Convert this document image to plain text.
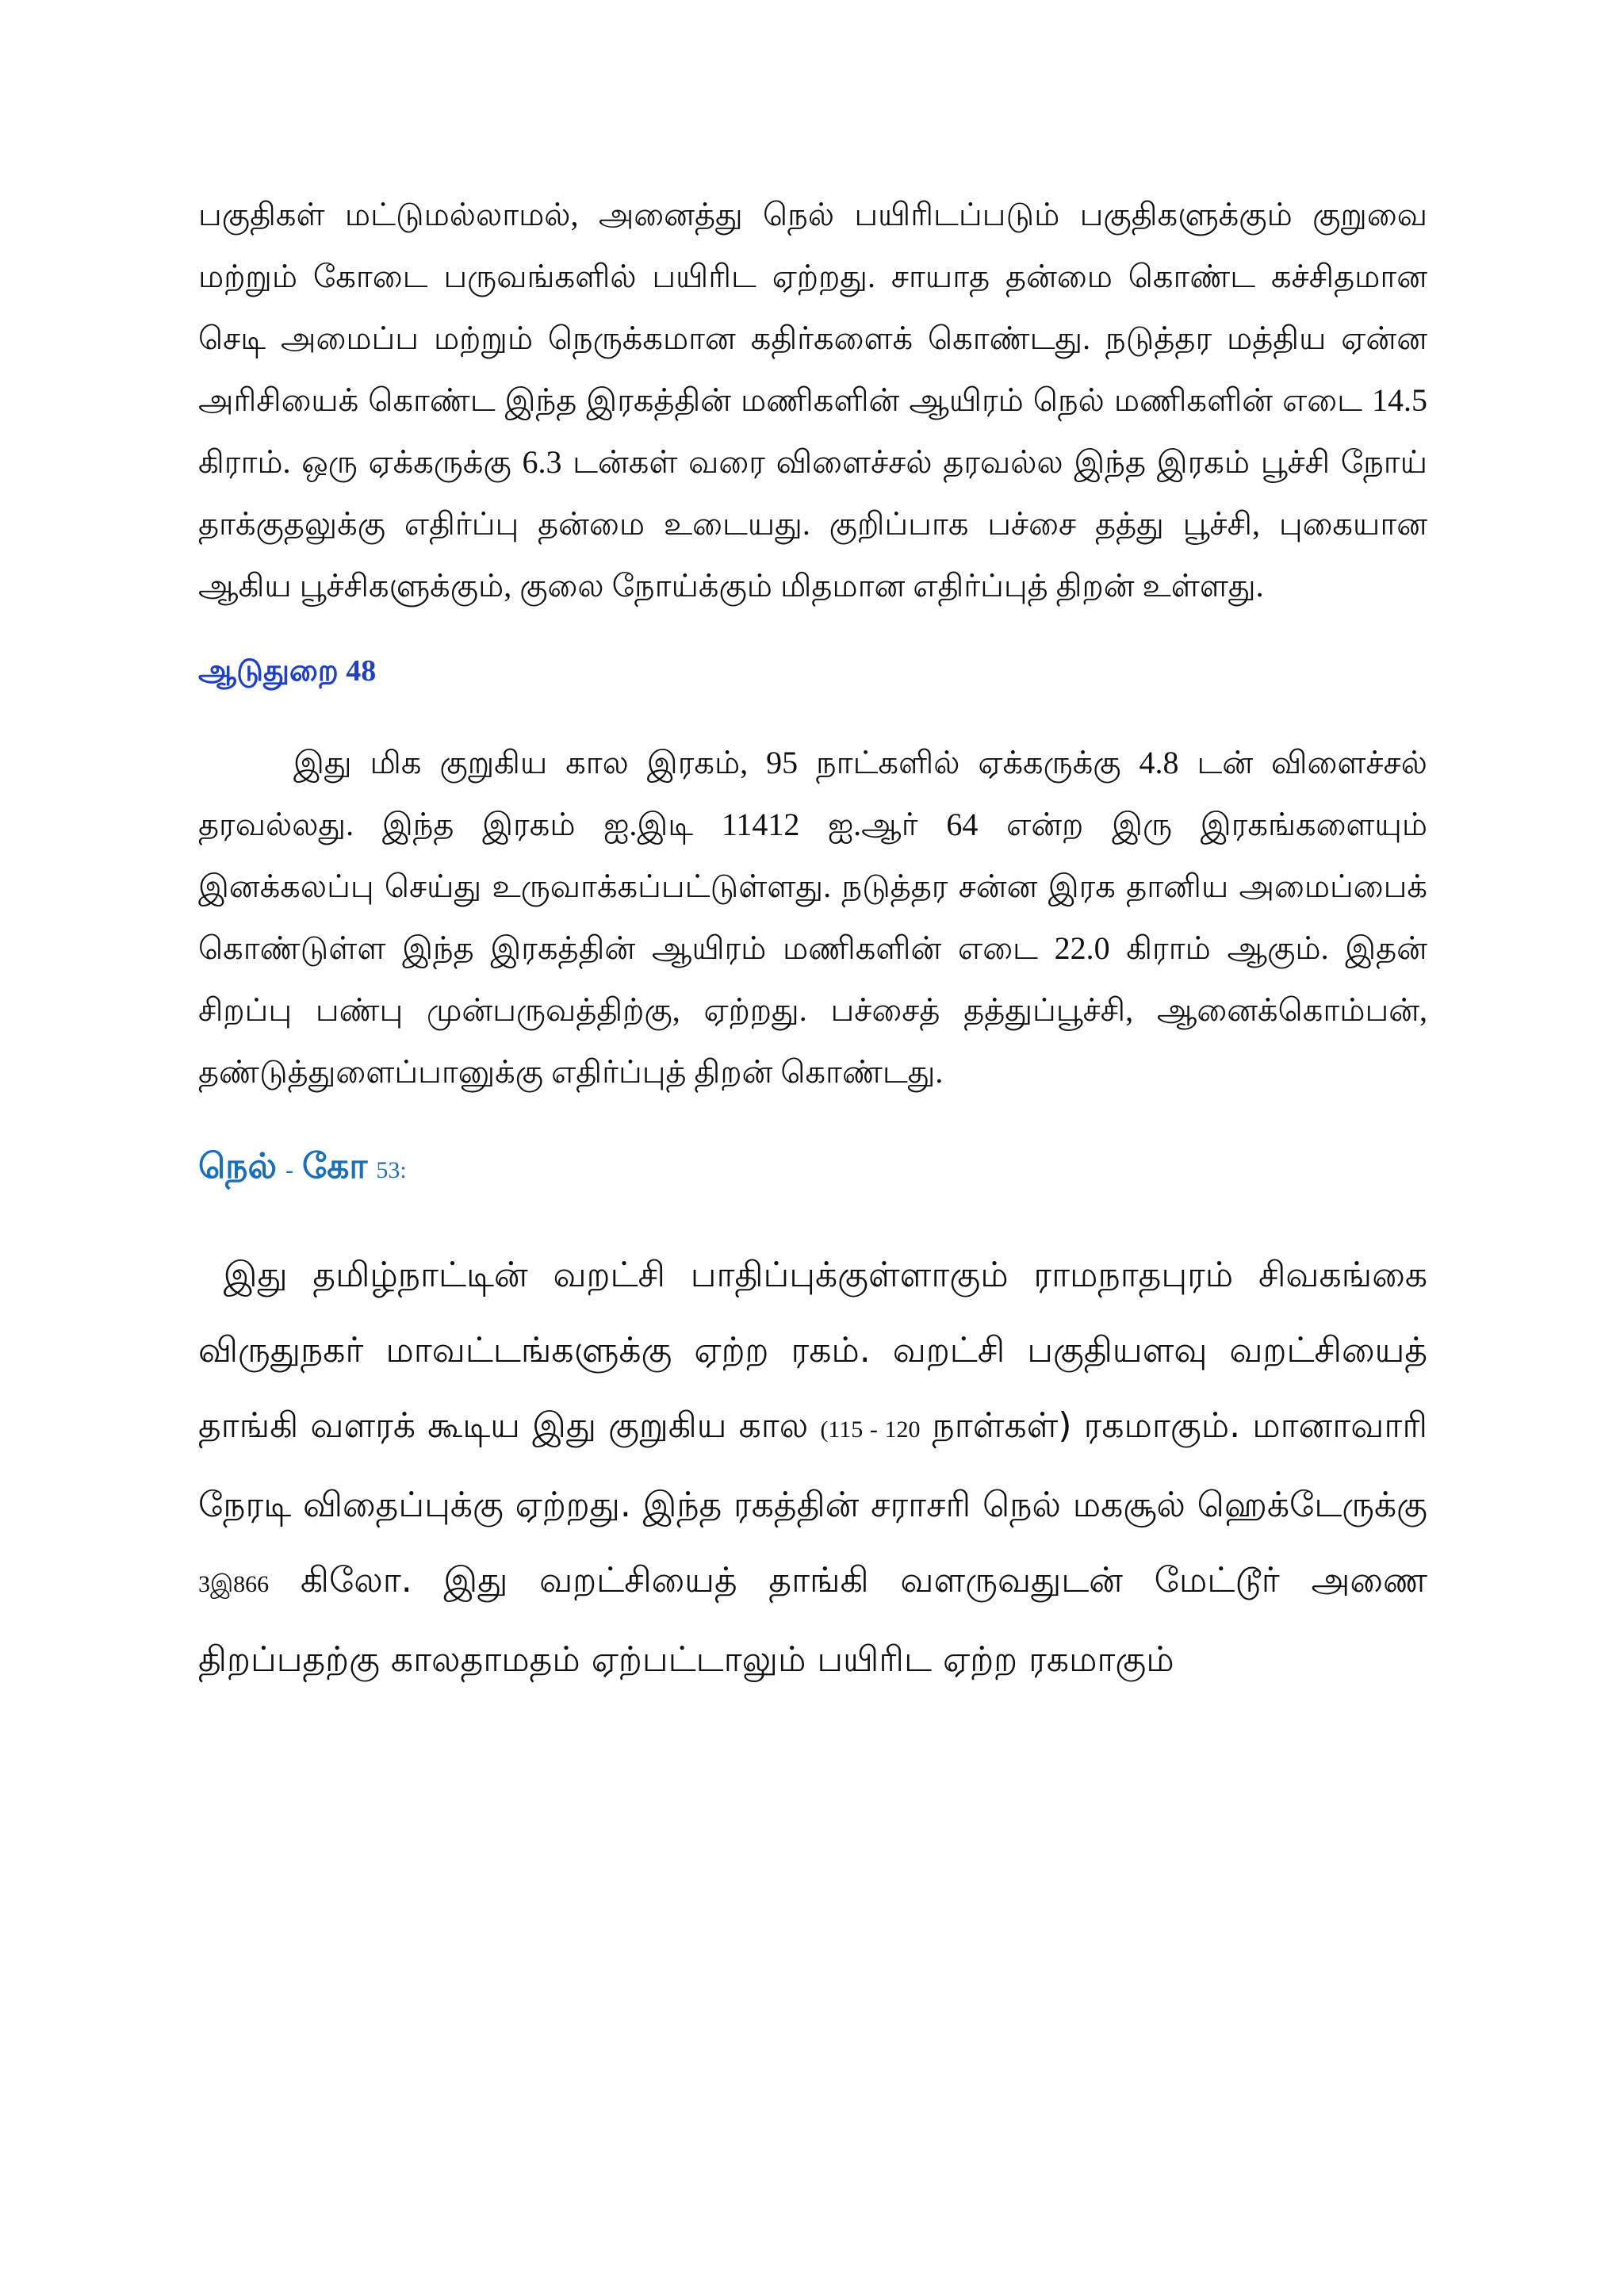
பகுதிகள் மட்டுமல்லாமல், அனைத்து நெல் பயிரிடப்படும் பகுதிகளுக்கும் குறுவை மற்றும் கோடை பருவங்களில் பயிரிட ஏற்றது. சாயாத தன்மை கொண்ட கச்சிதமான செடி அமைப்ப மற்றும் நெருக்கமான கதிர்களைக் கொண்டது. நடுத்தர மத்திய ஏன்ன அரிசியைக் கொண்ட இந்த இரகத்தின் மணிகளின் ஆயிரம் நெல் மணிகளின் எடை 14.5 கிராம். ஒரு ஏக்கருக்கு 6.3 டன்கள் வரை விளைச்சல் தரவல்ல இந்த இரகம் பூச்சி நோய் தாக்குதலுக்கு எதிர்ப்பு தன்மை உடையது. குறிப்பாக பச்சை தத்து பூச்சி, புகையான ஆகிய பூச்சிகளுக்கும், குலை நோய்க்கும் மிதமான எதிர்ப்புத் திறன் உள்ளது.

ஆடுதுறை 48

இது மிக குறுகிய கால இரகம், 95 நாட்களில் ஏக்கருக்கு 4.8 டன் விளைச்சல் தரவல்லது. இந்த இரகம் ஐ.இடி 11412 ஐ.ஆர் 64 என்ற இரு இரகங்களையும் இனக்கலப்பு செய்து உருவாக்கப்பட்டுள்ளது. நடுத்தர சன்ன இரக தானிய அமைப்பைக் கொண்டுள்ள இந்த இரகத்தின் ஆயிரம் மணிகளின் எடை 22.0 கிராம் ஆகும். இதன் சிறப்பு பண்பு முன்பருவத்திற்கு, ஏற்றது. பச்சைத் தத்துப்பூச்சி, ஆனைக்கொம்பன், தண்டுத்துளைப்பானுக்கு எதிர்ப்புத் திறன் கொண்டது.

நெல் - கோ 53:

இது தமிழ்நாட்டின் வறட்சி பாதிப்புக்குள்ளாகும் ராமநாதபுரம் சிவகங்கை விருதுநகர் மாவட்டங்களுக்கு ஏற்ற ரகம். வறட்சி பகுதியளவு வறட்சியைத் தாங்கி வளரக் கூடிய இது குறுகிய கால (115 - 120 நாள்கள்) ரகமாகும். மானாவாரி நேரடி விதைப்புக்கு ஏற்றது. இந்த ரகத்தின் சராசரி நெல் மகசூல் ஹெக்டேருக்கு 3இ866 கிலோ. இது வறட்சியைத் தாங்கி வளருவதுடன் மேட்டூர் அணை திறப்பதற்கு காலதாமதம் ஏற்பட்டாலும் பயிரிட ஏற்ற ரகமாகும்
